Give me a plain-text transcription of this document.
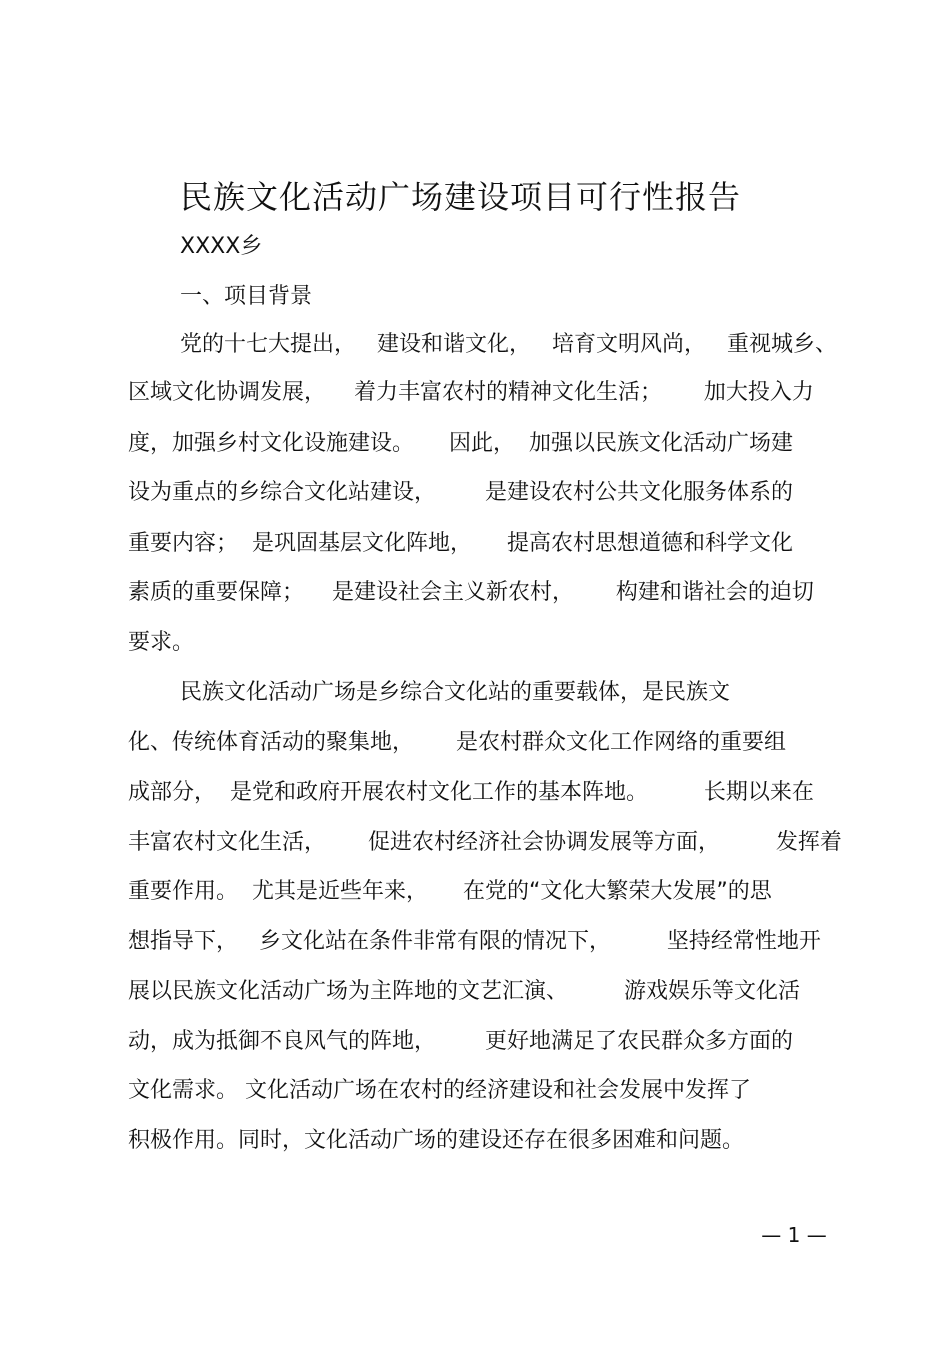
民族文化活动广场建设项目可行性报告
XXXX乡
一、项目背景
党的十七大提出，   建设和谐文化，   培育文明风尚，   重视城乡、
区域文化协调发展，    着力丰富农村的精神文化生活；      加大投入力
度，加强乡村文化设施建设。     因此，  加强以民族文化活动广场建
设为重点的乡综合文化站建设，       是建设农村公共文化服务体系的
重要内容；  是巩固基层文化阵地，     提高农村思想道德和科学文化
素质的重要保障；    是建设社会主义新农村，      构建和谐社会的迫切
要求。
民族文化活动广场是乡综合文化站的重要载体，是民族文
化、传统体育活动的聚集地，      是农村群众文化工作网络的重要组
成部分，  是党和政府开展农村文化工作的基本阵地。        长期以来在
丰富农村文化生活，      促进农村经济社会协调发展等方面，        发挥着
重要作用。  尤其是近些年来，     在党的“文化大繁荣大发展”的思
想指导下，   乡文化站在条件非常有限的情况下，        坚持经常性地开
展以民族文化活动广场为主阵地的文艺汇演、        游戏娱乐等文化活
动，成为抵御不良风气的阵地，       更好地满足了农民群众多方面的
文化需求。 文化活动广场在农村的经济建设和社会发展中发挥了
积极作用。同时，文化活动广场的建设还存在很多困难和问题。
— 1 —
